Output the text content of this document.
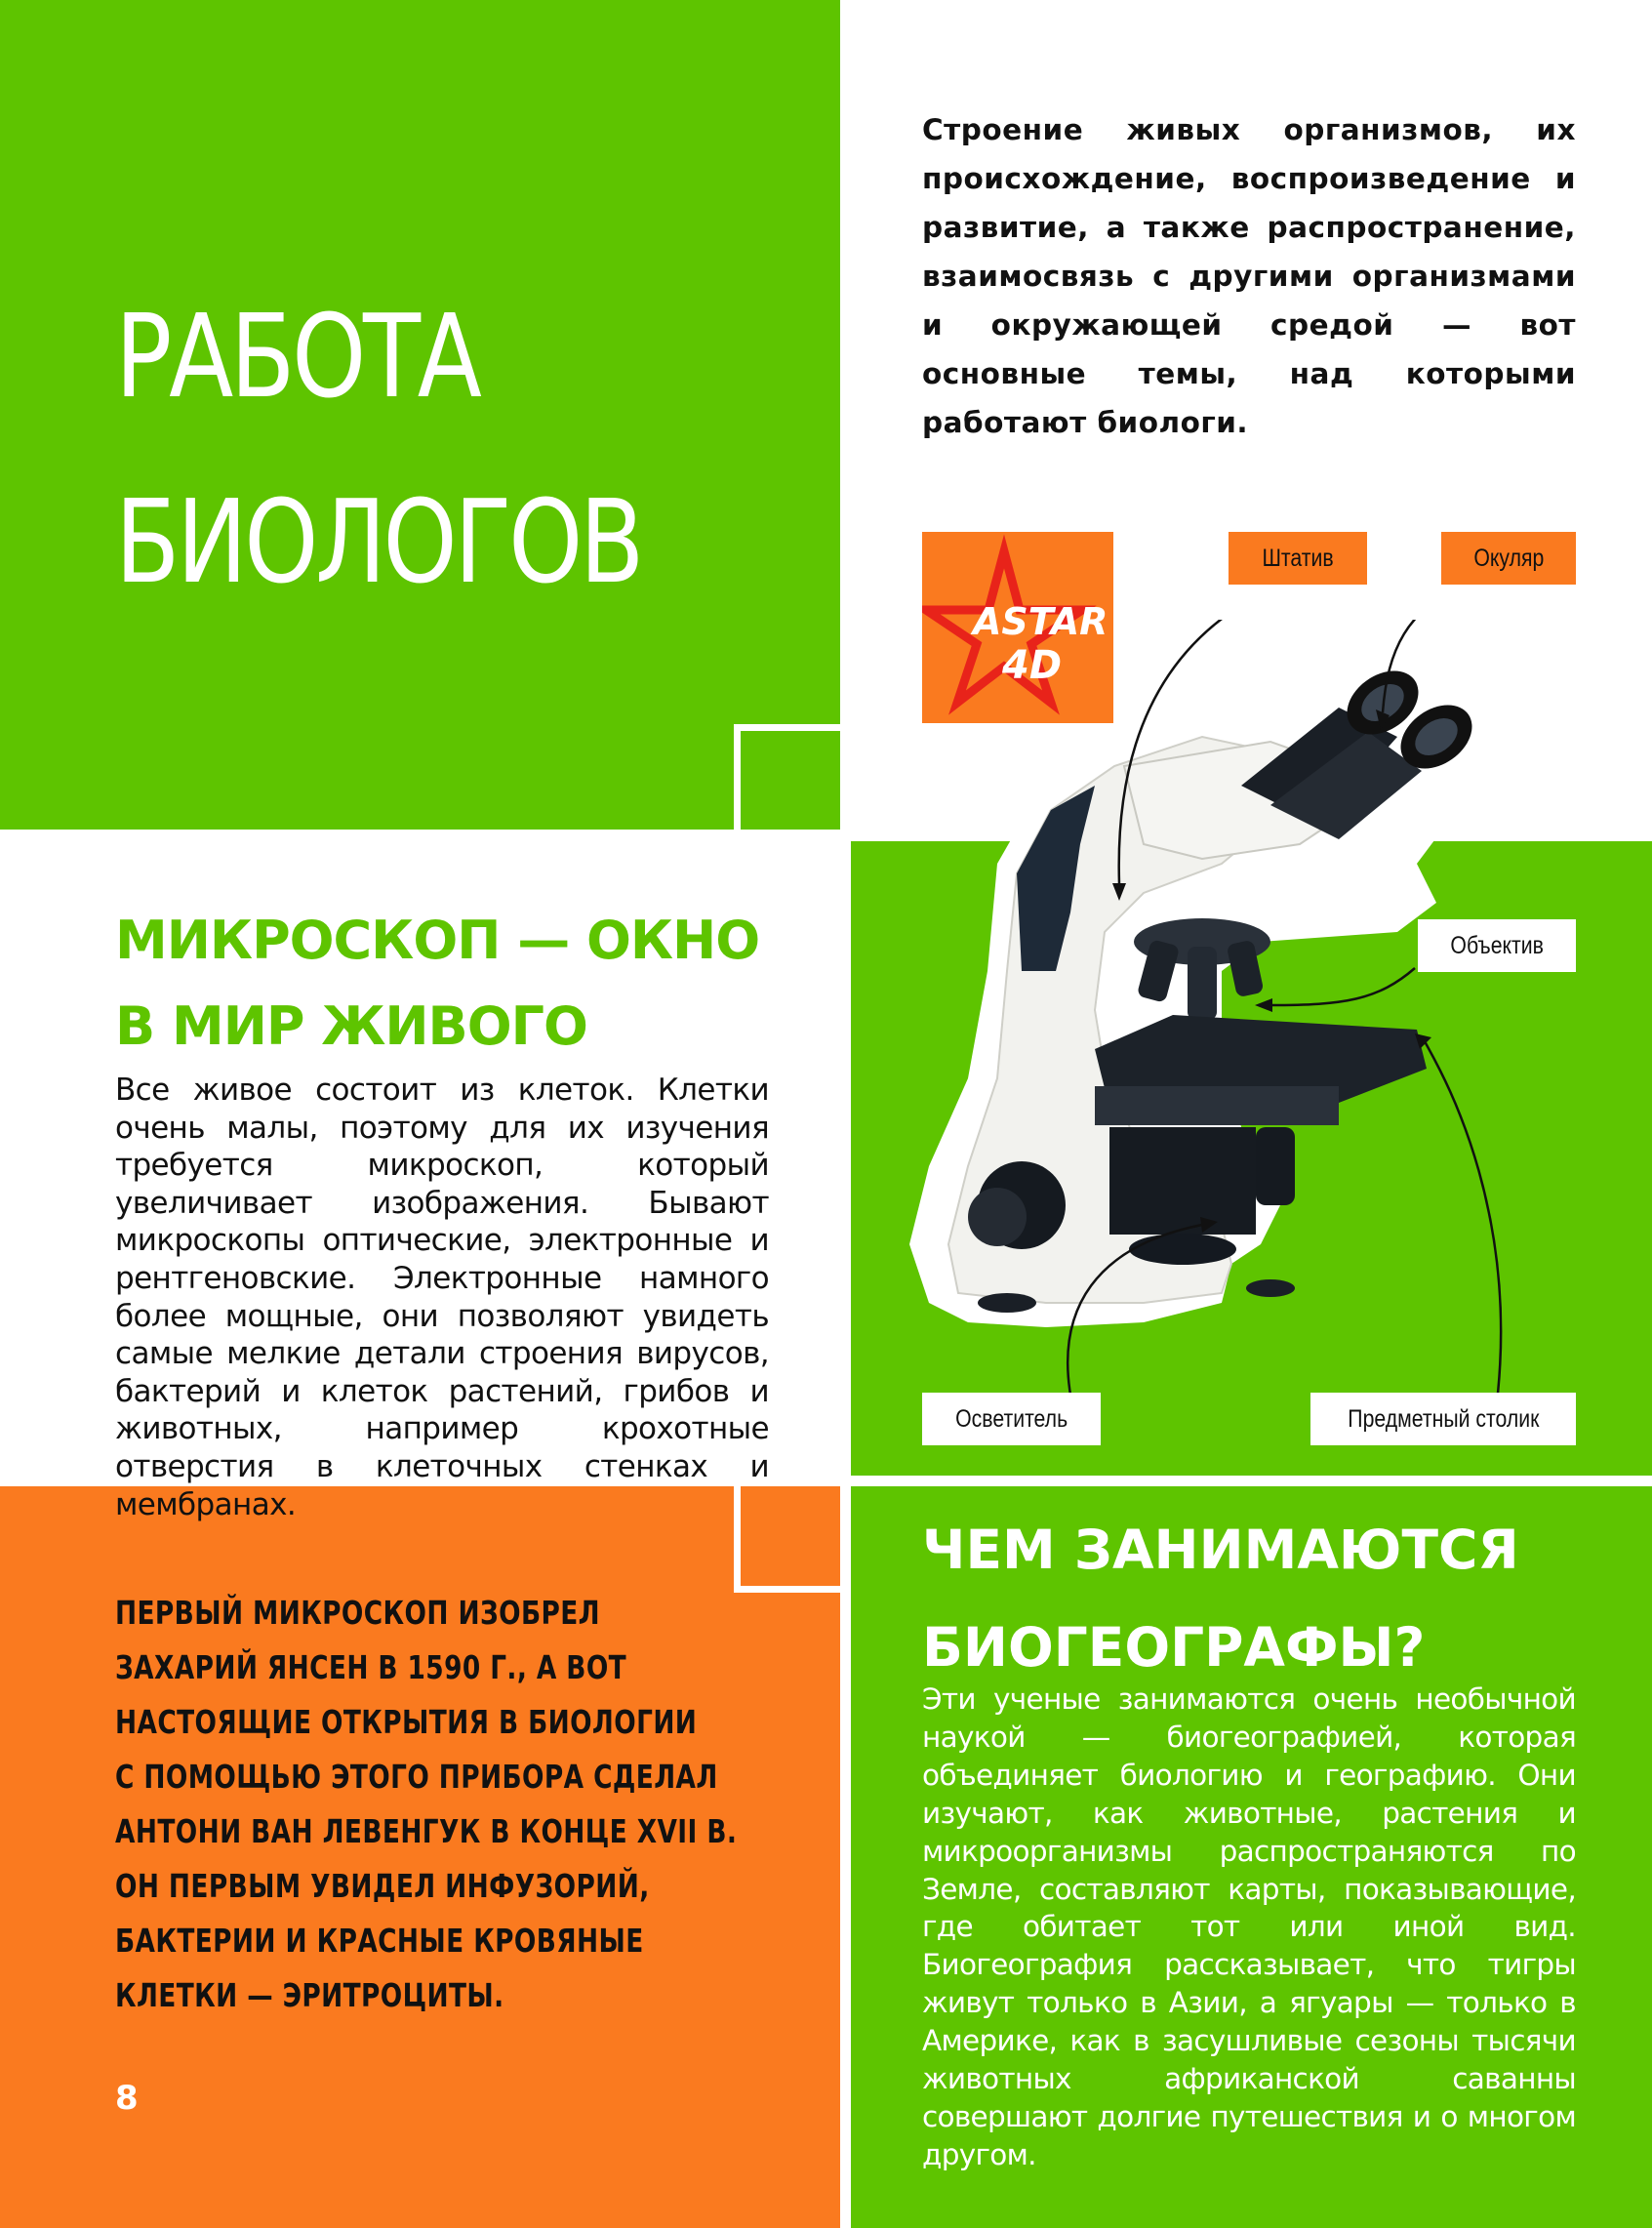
РАБОТА
БИОЛОГОВ
Строение живых организмов, их происхождение, воспроизведение и развитие, а также распространение, взаимосвязь с другими организмами и окружающей средой — вот основные темы, над которыми работают биологи.
ASTAR
4D
Штатив	Окуляр
Объектив
Осветитель	Предметный столик
МИКРОСКОП — ОКНО
В МИР ЖИВОГО
Все живое состоит из клеток. Клетки очень малы, поэтому для их изучения требуется микроскоп, который увеличивает изображения. Бывают микроскопы оптические, электронные и рентгеновские. Электронные намного более мощные, они позволяют увидеть самые мелкие детали строения вирусов, бактерий и клеток растений, грибов и животных, например крохотные отверстия в клеточных стенках и мембранах.
ПЕРВЫЙ МИКРОСКОП ИЗОБРЕЛ
ЗАХАРИЙ ЯНСЕН В 1590 Г., А ВОТ
НАСТОЯЩИЕ ОТКРЫТИЯ В БИОЛОГИИ
С ПОМОЩЬЮ ЭТОГО ПРИБОРА СДЕЛАЛ
АНТОНИ ВАН ЛЕВЕНГУК В КОНЦЕ XVII В.
ОН ПЕРВЫМ УВИДЕЛ ИНФУЗОРИЙ,
БАКТЕРИИ И КРАСНЫЕ КРОВЯНЫЕ
КЛЕТКИ — ЭРИТРОЦИТЫ.
8
ЧЕМ ЗАНИМАЮТСЯ
БИОГЕОГРАФЫ?
Эти ученые занимаются очень необычной наукой — биогеографией, которая объединяет биологию и географию. Они изучают, как животные, растения и микроорганизмы распространяются по Земле, составляют карты, показывающие, где обитает тот или иной вид. Биогеография рассказывает, что тигры живут только в Азии, а ягуары — только в Америке, как в засушливые сезоны тысячи животных африканской саванны совершают долгие путешествия и о многом другом.
